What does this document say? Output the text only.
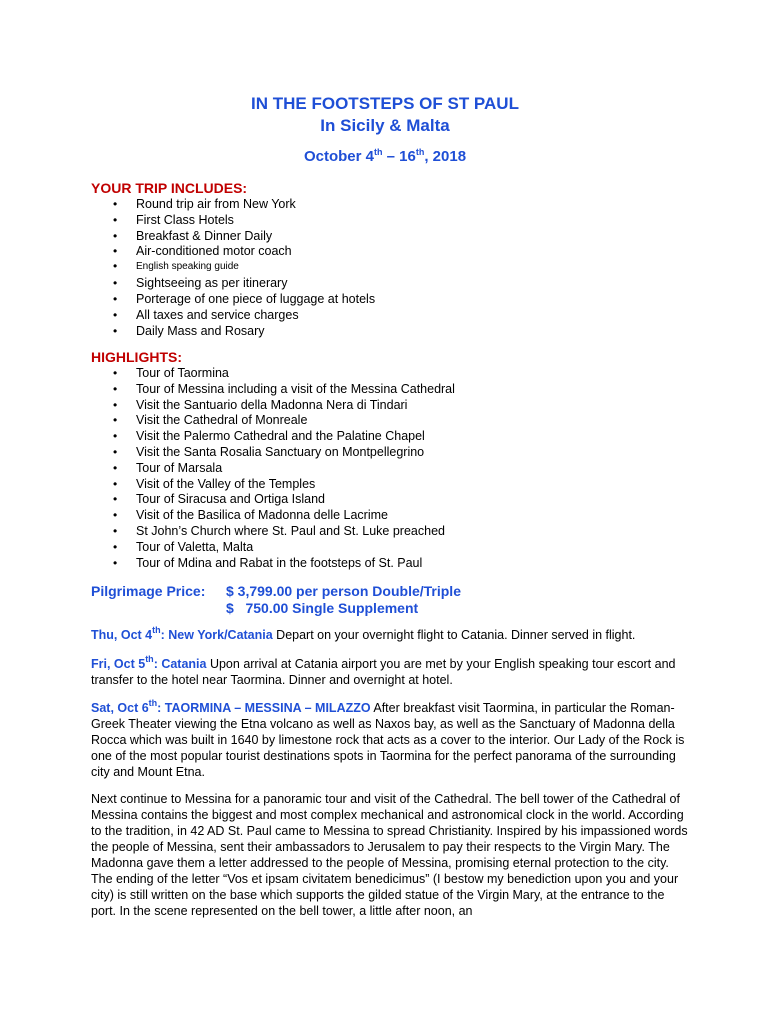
IN THE FOOTSTEPS OF ST PAUL
In Sicily & Malta
October 4th – 16th, 2018
YOUR TRIP INCLUDES:
• Round trip air from New York
• First Class Hotels
• Breakfast & Dinner Daily
• Air-conditioned motor coach
• English speaking guide
• Sightseeing as per itinerary
• Porterage of one piece of luggage at hotels
• All taxes and service charges
• Daily Mass and Rosary
HIGHLIGHTS:
• Tour of Taormina
• Tour of Messina including a visit of the Messina Cathedral
• Visit the Santuario della Madonna Nera di Tindari
• Visit the Cathedral of Monreale
• Visit the Palermo Cathedral and the Palatine Chapel
• Visit the Santa Rosalia Sanctuary on Montpellegrino
• Tour of Marsala
• Visit of the Valley of the Temples
• Tour of Siracusa and Ortiga Island
• Visit of the Basilica of Madonna delle Lacrime
• St John’s Church where St. Paul and St. Luke preached
• Tour of Valetta, Malta
• Tour of Mdina and Rabat in the footsteps of St. Paul
Pilgrimage Price: $ 3,799.00 per person Double/Triple
$   750.00 Single Supplement
Thu, Oct 4th: New York/Catania Depart on your overnight flight to Catania. Dinner served in flight.
Fri, Oct 5th: Catania Upon arrival at Catania airport you are met by your English speaking tour escort and transfer to the hotel near Taormina. Dinner and overnight at hotel.
Sat, Oct 6th: TAORMINA – MESSINA – MILAZZO After breakfast visit Taormina, in particular the Roman-Greek Theater viewing the Etna volcano as well as Naxos bay, as well as the Sanctuary of Madonna della Rocca which was built in 1640 by limestone rock that acts as a cover to the interior. Our Lady of the Rock is one of the most popular tourist destinations spots in Taormina for the perfect panorama of the surrounding city and Mount Etna.
Next continue to Messina for a panoramic tour and visit of the Cathedral. The bell tower of the Cathedral of Messina contains the biggest and most complex mechanical and astronomical clock in the world. According to the tradition, in 42 AD St. Paul came to Messina to spread Christianity. Inspired by his impassioned words the people of Messina, sent their ambassadors to Jerusalem to pay their respects to the Virgin Mary. The Madonna gave them a letter addressed to the people of Messina, promising eternal protection to the city. The ending of the letter “Vos et ipsam civitatem benedicimus” (I bestow my benediction upon you and your city) is still written on the base which supports the gilded statue of the Virgin Mary, at the entrance to the port. In the scene represented on the bell tower, a little after noon, an
